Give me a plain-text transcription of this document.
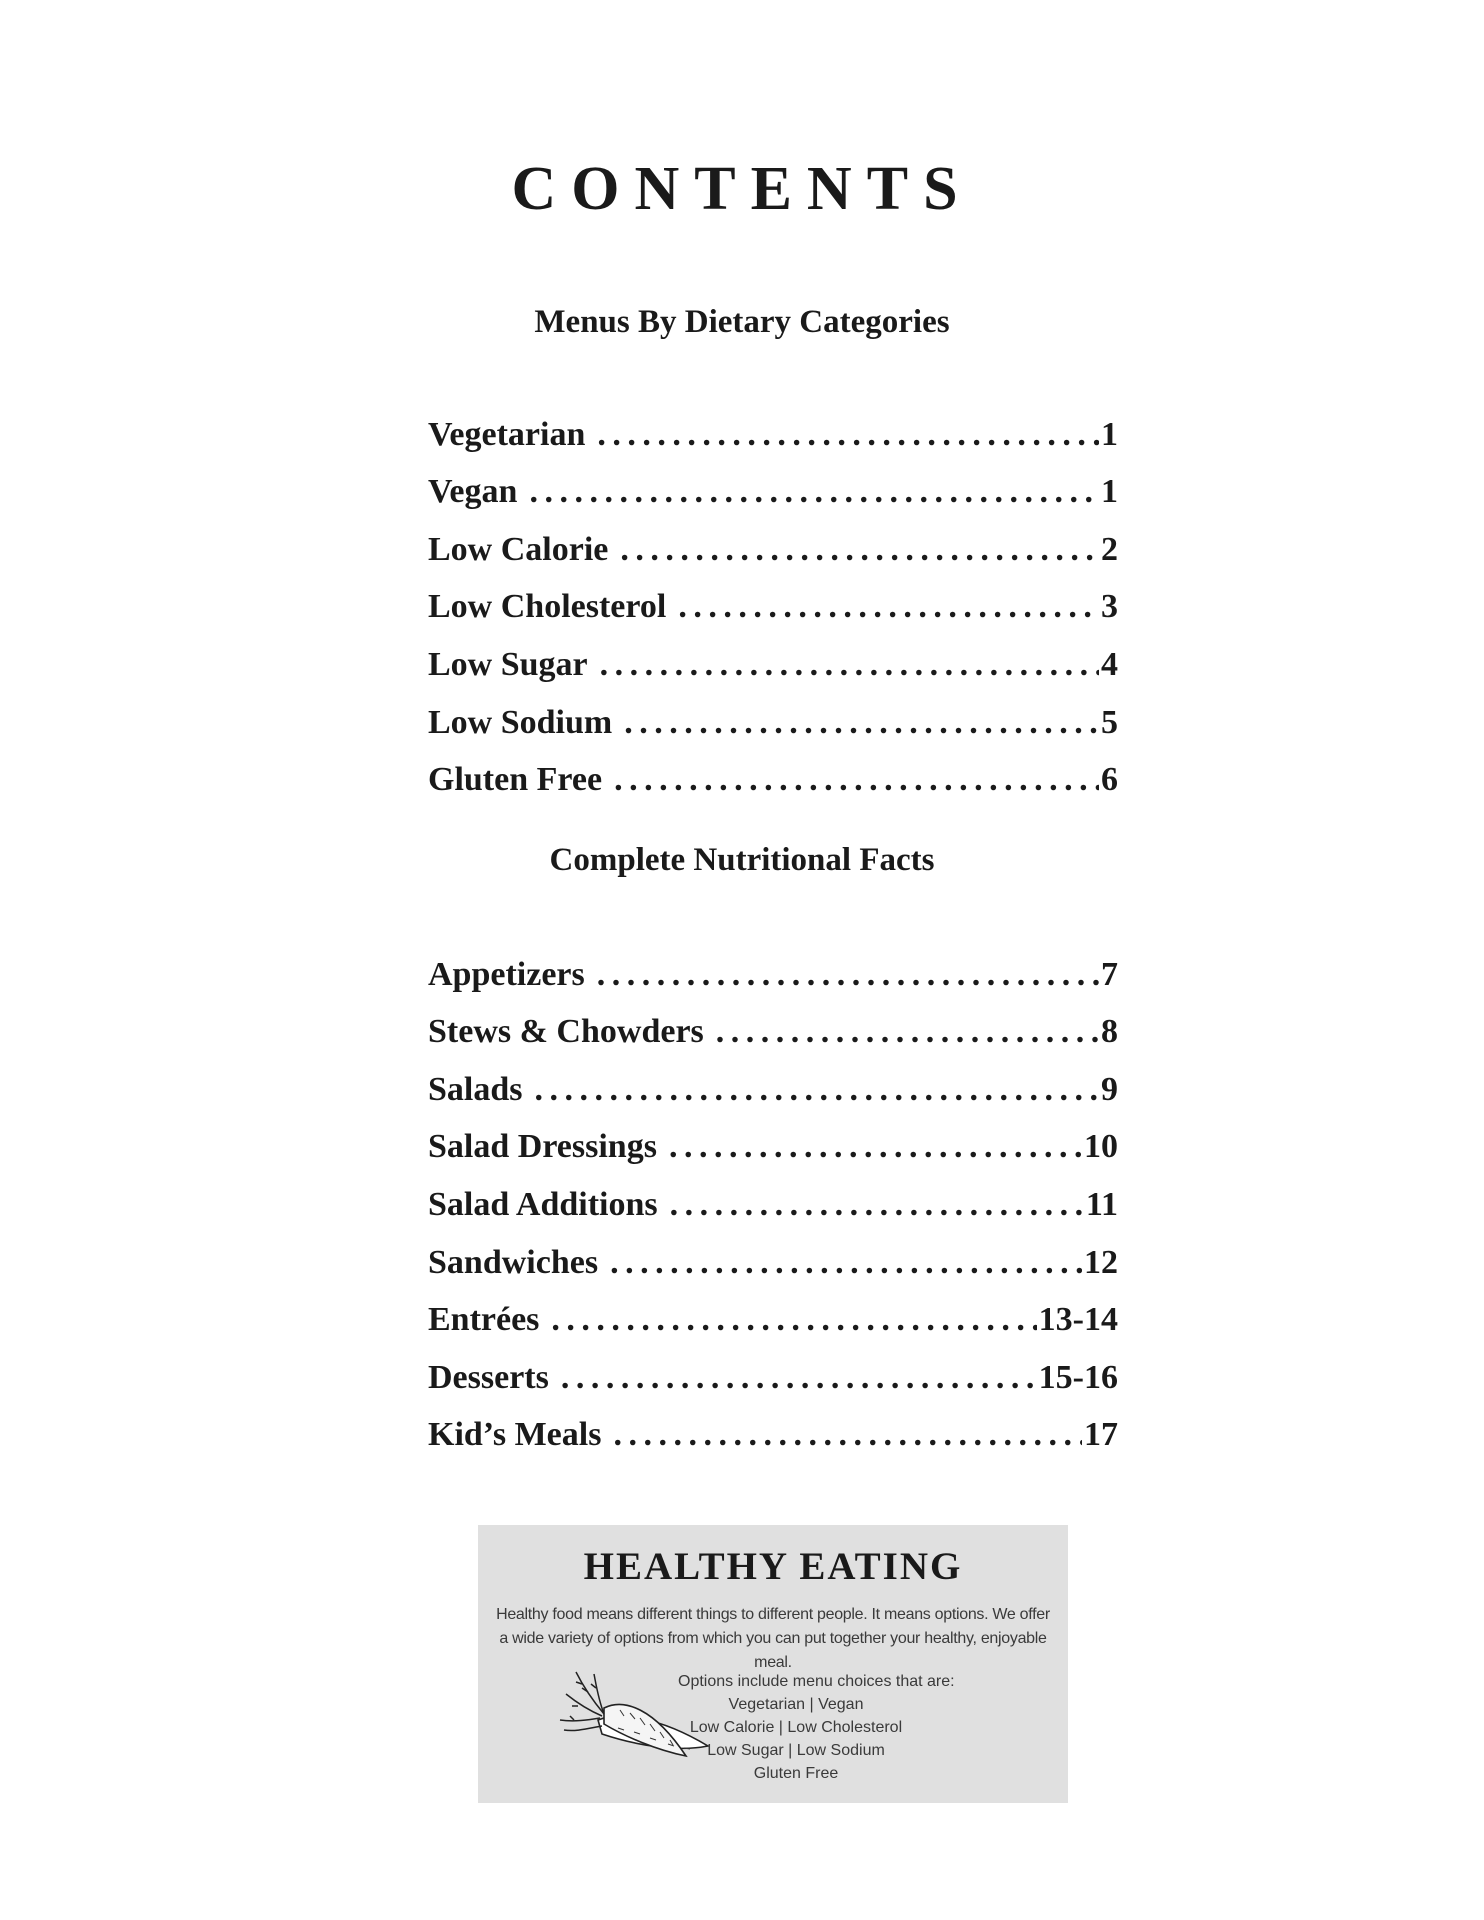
CONTENTS
Menus By Dietary Categories
Vegetarian . . .	1
Vegan . . .	1
Low Calorie . . .	2
Low Cholesterol . . .	3
Low Sugar . . .	4
Low Sodium . . .	5
Gluten Free . . .	6
Complete Nutritional Facts
Appetizers . . .	7
Stews & Chowders . . .	8
Salads . . .	9
Salad Dressings . . .	10
Salad Additions . . .	11
Sandwiches . . .	12
Entrées . . .	13-14
Desserts . . .	15-16
Kid’s Meals . . .	17
HEALTHY EATING
Healthy food means different things to different people. It means options. We offer a wide variety of options from which you can put together your healthy, enjoyable meal.
Options include menu choices that are:
Vegetarian | Vegan
Low Calorie | Low Cholesterol
Low Sugar | Low Sodium
Gluten Free
